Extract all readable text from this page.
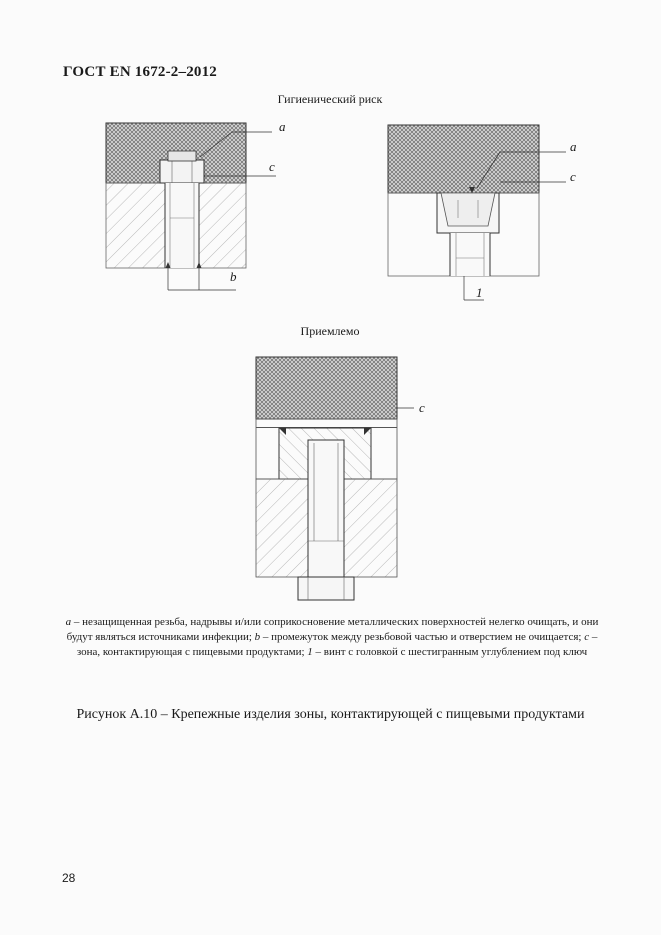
ГОСТ EN 1672-2–2012
Гигиенический риск
Приемлемо
a
c
b
a
c
1
c
a – незащищенная резьба, надрывы и/или соприкосновение металлических поверхностей нелегко очищать, и они будут являться источниками инфекции; b – промежуток между резьбовой частью и отверстием не очищается; c – зона, контактирующая с пищевыми продуктами; 1 – винт с головкой с шестигранным углублением под ключ
Рисунок А.10 – Крепежные изделия зоны, контактирующей с пищевыми продуктами
28
